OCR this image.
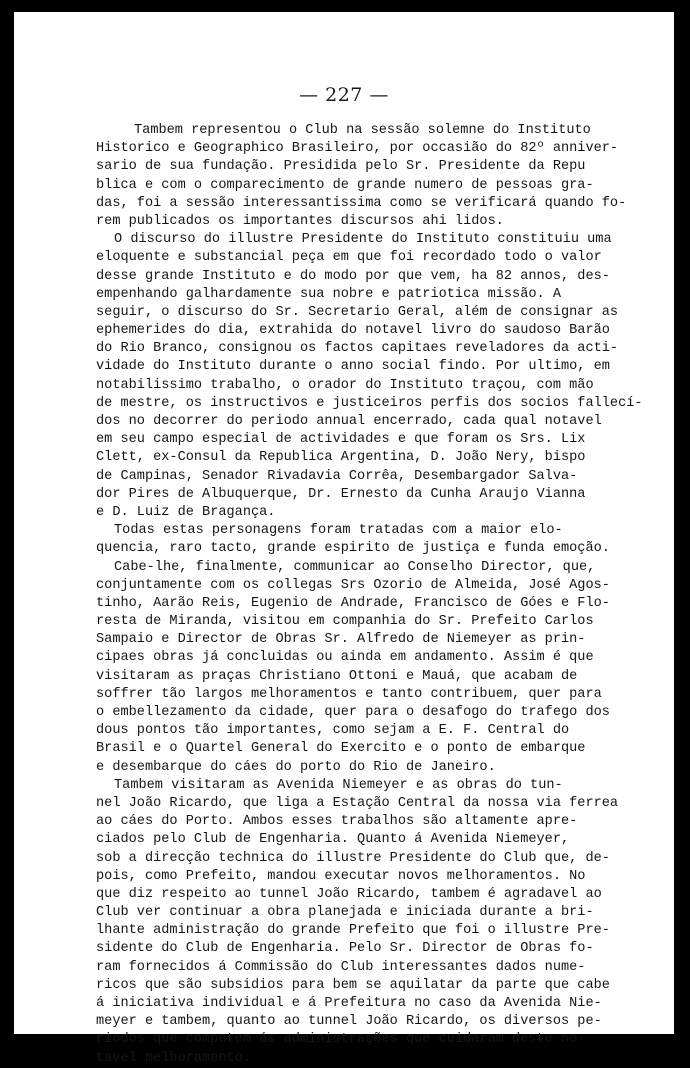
— 227 —

Tambem representou o Club na sessão solemne do Instituto
Historico e Geographico Brasileiro, por occasião do 82º anniver-
sario de sua fundação. Presidida pelo Sr. Presidente da Repu
blica e com o comparecimento de grande numero de pessoas gra-
das, foi a sessão interessantissima como se verificará quando fo-
rem publicados os importantes discursos ahi lidos.
O discurso do illustre Presidente do Instituto constituiu uma
eloquente e substancial peça em que foi recordado todo o valor
desse grande Instituto e do modo por que vem, ha 82 annos, des-
empenhando galhardamente sua nobre e patriotica missão. A
seguir, o discurso do Sr. Secretario Geral, além de consignar as
ephemerides do dia, extrahida do notavel livro do saudoso Barão
do Rio Branco, consignou os factos capitaes reveladores da acti-
vidade do Instituto durante o anno social findo. Por ultimo, em
notabilissimo trabalho, o orador do Instituto traçou, com mão
de mestre, os instructivos e justiceiros perfis dos socios fallecí-
dos no decorrer do periodo annual encerrado, cada qual notavel
em seu campo especial de actividades e que foram os Srs. Lix
Clett, ex-Consul da Republica Argentina, D. João Nery, bispo
de Campinas, Senador Rivadavia Corrêa, Desembargador Salva-
dor Pires de Albuquerque, Dr. Ernesto da Cunha Araujo Vianna
e D. Luiz de Bragança.
Todas estas personagens foram tratadas com a maior elo-
quencia, raro tacto, grande espirito de justiça e funda emoção.
Cabe-lhe, finalmente, communicar ao Conselho Director, que,
conjuntamente com os collegas Srs Ozorio de Almeida, José Agos-
tinho, Aarão Reis, Eugenio de Andrade, Francisco de Góes e Flo-
resta de Miranda, visitou em companhia do Sr. Prefeito Carlos
Sampaio e Director de Obras Sr. Alfredo de Niemeyer as prin-
cipaes obras já concluidas ou ainda em andamento. Assim é que
visitaram as praças Christiano Ottoni e Mauá, que acabam de
soffrer tão largos melhoramentos e tanto contribuem, quer para
o embellezamento da cidade, quer para o desafogo do trafego dos
dous pontos tão importantes, como sejam a E. F. Central do
Brasil e o Quartel General do Exercito e o ponto de embarque
e desembarque do cáes do porto do Rio de Janeiro.
Tambem visitaram as Avenida Niemeyer e as obras do tun-
nel João Ricardo, que liga a Estação Central da nossa via ferrea
ao cáes do Porto. Ambos esses trabalhos são altamente apre-
ciados pelo Club de Engenharia. Quanto á Avenida Niemeyer,
sob a direcção technica do illustre Presidente do Club que, de-
pois, como Prefeito, mandou executar novos melhoramentos. No
que diz respeito ao tunnel João Ricardo, tambem é agradavel ao
Club ver continuar a obra planejada e iniciada durante a bri-
lhante administração do grande Prefeito que foi o illustre Pre-
sidente do Club de Engenharia. Pelo Sr. Director de Obras fo-
ram fornecidos á Commissão do Club interessantes dados nume-
ricos que são subsidios para bem se aquilatar da parte que cabe
á iniciativa individual e á Prefeitura no caso da Avenida Nie-
meyer e tambem, quanto ao tunnel João Ricardo, os diversos pe-
riodos que competem ás administrações que cuidaram deste no-
tavel melhoramento.
